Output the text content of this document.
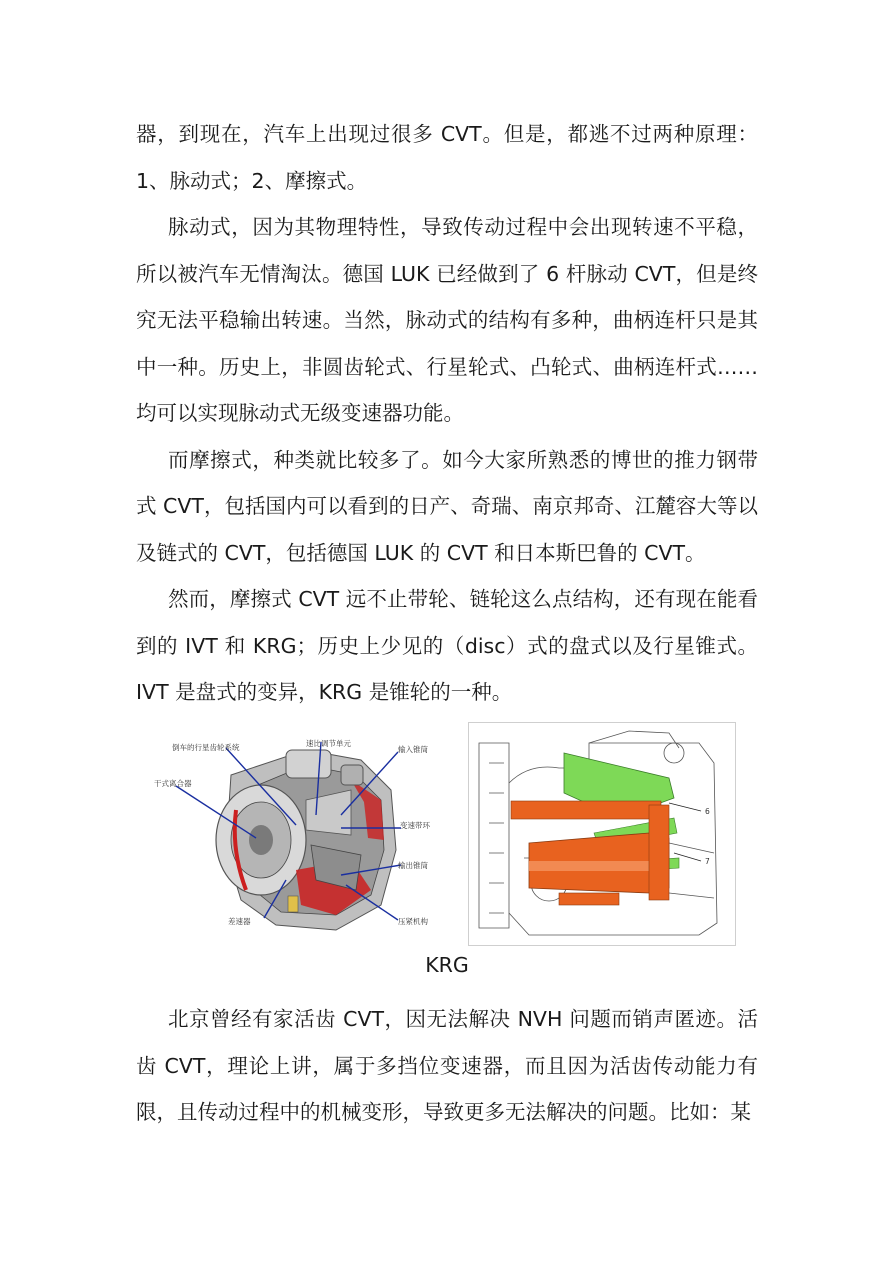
器，到现在，汽车上出现过很多 CVT。但是，都逃不过两种原理：1、脉动式；2、摩擦式。

脉动式，因为其物理特性，导致传动过程中会出现转速不平稳，所以被汽车无情淘汰。德国 LUK 已经做到了 6 杆脉动 CVT，但是终究无法平稳输出转速。当然，脉动式的结构有多种，曲柄连杆只是其中一种。历史上，非圆齿轮式、行星轮式、凸轮式、曲柄连杆式……均可以实现脉动式无级变速器功能。

而摩擦式，种类就比较多了。如今大家所熟悉的博世的推力钢带式 CVT，包括国内可以看到的日产、奇瑞、南京邦奇、江麓容大等以及链式的 CVT，包括德国 LUK 的 CVT 和日本斯巴鲁的 CVT。

然而，摩擦式 CVT 远不止带轮、链轮这么点结构，还有现在能看到的 IVT 和 KRG；历史上少见的（disc）式的盘式以及行星锥式。IVT 是盘式的变异，KRG 是锥轮的一种。

倒车的行星齿轮系统	速比调节单元
输入锥筒
干式离合器
变速带环
输出锥筒
差速器	压紧机构
6
7
KRG

北京曾经有家活齿 CVT，因无法解决 NVH 问题而销声匿迹。活齿 CVT，理论上讲，属于多挡位变速器，而且因为活齿传动能力有限，且传动过程中的机械变形，导致更多无法解决的问题。比如：某
